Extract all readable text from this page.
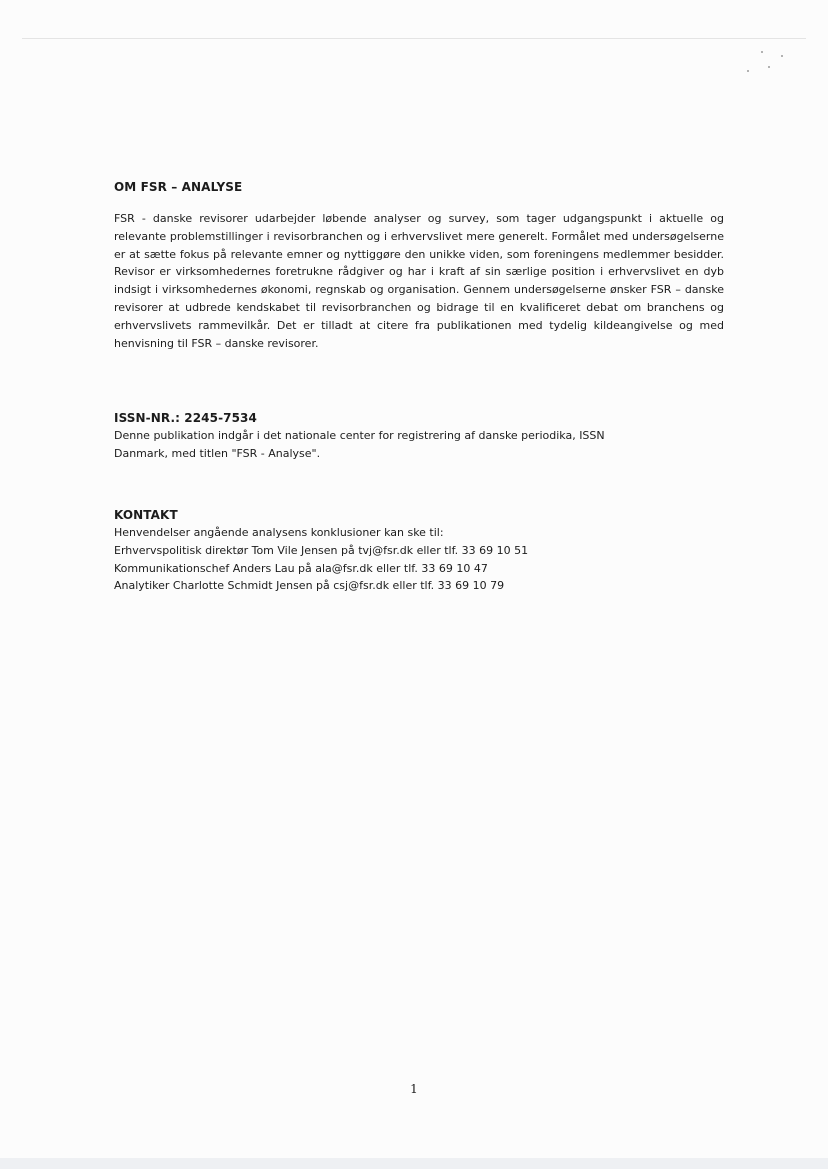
OM FSR – ANALYSE

FSR - danske revisorer udarbejder løbende analyser og survey, som tager udgangspunkt i aktuelle og relevante problemstillinger i revisorbranchen og i erhvervslivet mere generelt. Formålet med undersøgelserne er at sætte fokus på relevante emner og nyttiggøre den unikke viden, som foreningens medlemmer besidder. Revisor er virksomhedernes foretrukne rådgiver og har i kraft af sin særlige position i erhvervslivet en dyb indsigt i virksomhedernes økonomi, regnskab og organisation. Gennem undersøgelserne ønsker FSR – danske revisorer at udbrede kendskabet til revisorbranchen og bidrage til en kvalificeret debat om branchens og erhvervslivets rammevilkår. Det er tilladt at citere fra publikationen med tydelig kildeangivelse og med henvisning til FSR – danske revisorer.

ISSN-NR.: 2245-7534

Denne publikation indgår i det nationale center for registrering af danske periodika, ISSN
Danmark, med titlen "FSR - Analyse".

KONTAKT

Henvendelser angående analysens konklusioner kan ske til:
Erhvervspolitisk direktør Tom Vile Jensen på tvj@fsr.dk eller tlf. 33 69 10 51
Kommunikationschef Anders Lau på ala@fsr.dk eller tlf. 33 69 10 47
Analytiker Charlotte Schmidt Jensen på csj@fsr.dk eller tlf. 33 69 10 79

1
